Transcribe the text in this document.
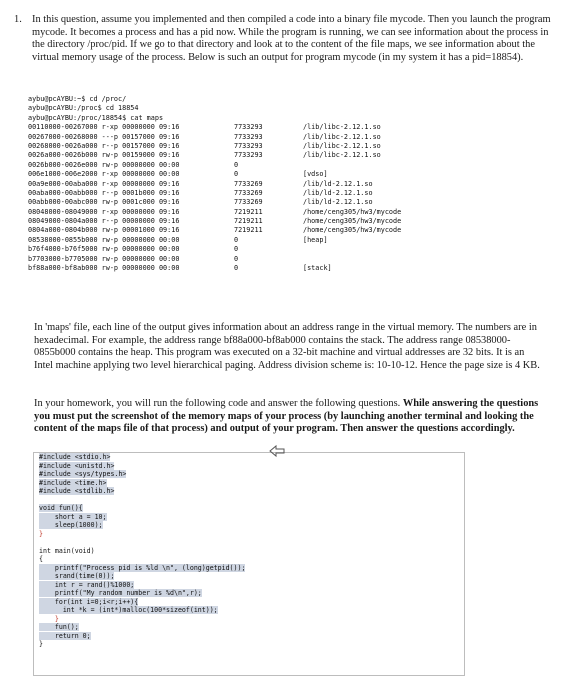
1. In this question, assume you implemented and then compiled a code into a binary file mycode. Then you launch the program mycode. It becomes a process and has a pid now. While the program is running, we can see information about the process in the directory /proc/pid. If we go to that directory and look at to the content of the file maps, we see information about the virtual memory usage of the process. Below is such an output for program mycode (in my system it has a pid=18854).
aybu@pcAYBU:~$ cd /proc/
aybu@pcAYBU:/proc$ cd 18854
aybu@pcAYBU:/proc/18854$ cat maps
00110000-00267000 r-xp 00000000 09:16	7733293	/lib/libc-2.12.1.so
00267000-00268000 ---p 00157000 09:16	7733293	/lib/libc-2.12.1.so
00268000-0026a000 r--p 00157000 09:16	7733293	/lib/libc-2.12.1.so
0026a000-0026b000 rw-p 00159000 09:16	7733293	/lib/libc-2.12.1.so
0026b000-0026e000 rw-p 00000000 00:00	0
006e1000-006e2000 r-xp 00000000 00:00	0	[vdso]
00a9e000-00aba000 r-xp 00000000 09:16	7733269	/lib/ld-2.12.1.so
00aba000-00abb000 r--p 0001b000 09:16	7733269	/lib/ld-2.12.1.so
00abb000-00abc000 rw-p 0001c000 09:16	7733269	/lib/ld-2.12.1.so
08048000-08049000 r-xp 00000000 09:16	7219211	/home/ceng305/hw3/mycode
08049000-0804a000 r--p 00000000 09:16	7219211	/home/ceng305/hw3/mycode
0804a000-0804b000 rw-p 00001000 09:16	7219211	/home/ceng305/hw3/mycode
08538000-0855b000 rw-p 00000000 00:00	0	[heap]
b76f4000-b76f5000 rw-p 00000000 00:00	0
b7703000-b7705000 rw-p 00000000 00:00	0
bf88a000-bf8ab000 rw-p 00000000 00:00	0	[stack]
In 'maps' file, each line of the output gives information about an address range in the virtual memory. The numbers are in hexadecimal. For example, the address range bf88a000-bf8ab000 contains the stack. The address range 08538000-0855b000 contains the heap. This program was executed on a 32-bit machine and virtual addresses are 32 bits. It is an Intel machine applying two level hierarchical paging. Address division scheme is: 10-10-12. Hence the page size is 4 KB.
In your homework, you will run the following code and answer the following questions. While answering the questions you must put the screenshot of the memory maps of your process (by launching another terminal and looking the content of the maps file of that process) and output of your program. Then answer the questions accordingly.
#include <stdio.h>
#include <unistd.h>
#include <sys/types.h>
#include <time.h>
#include <stdlib.h>
void fun(){
short a = 10;
sleep(1000);
}
int main(void)
{
printf("Process pid is %ld \n", (long)getpid());
srand(time(0));
int r = rand()%1000;
printf("My random number is %d\n",r);
for(int i=0;i<r;i++){
int *k = (int*)malloc(100*sizeof(int));
}
fun();
return 0;
}
